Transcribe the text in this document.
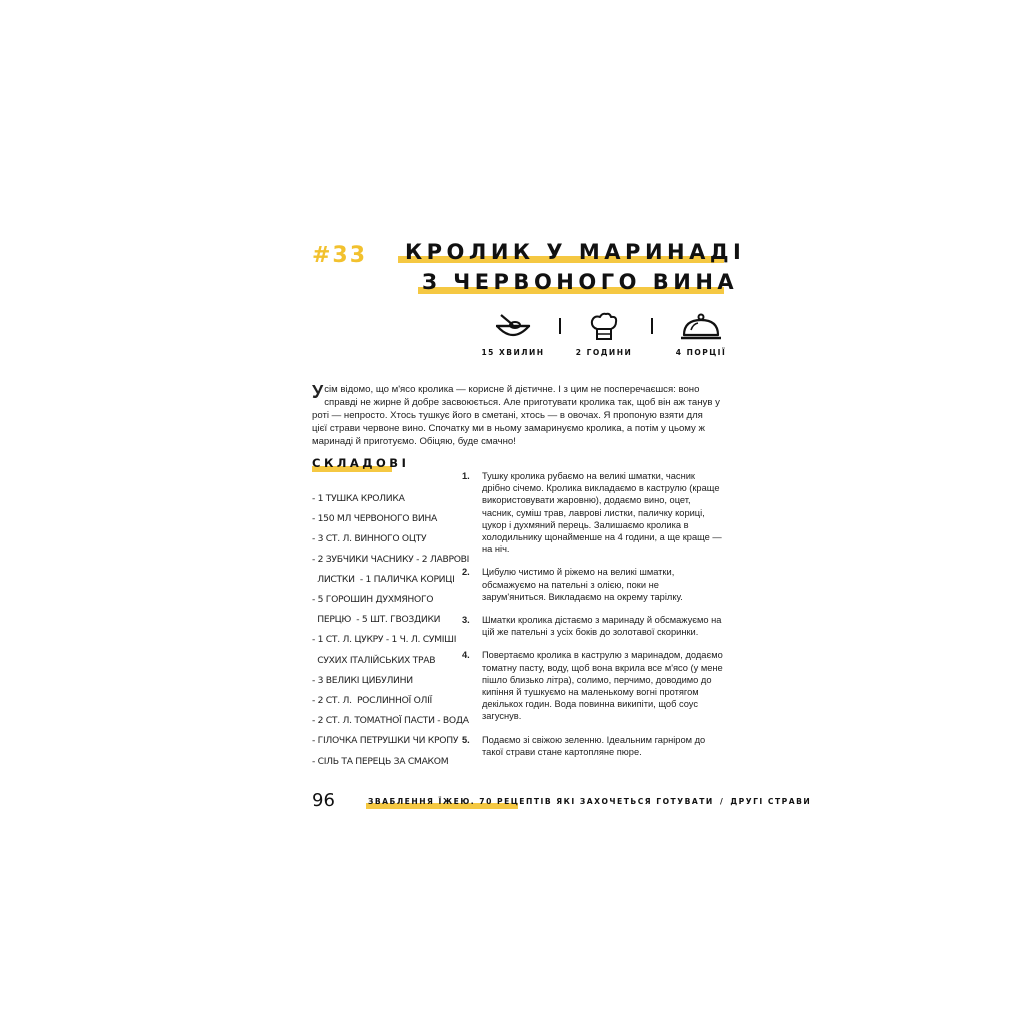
#33 КРОЛИК У МАРИНАДІ
З ЧЕРВОНОГО ВИНА
15 ХВИЛИН	2 ГОДИНИ	4 ПОРЦІЇ
Усім відомо, що м'ясо кролика — корисне й дієтичне. І з цим не посперечаєшся: воно справді не жирне й добре засвоюється. Але приготувати кролика так, щоб він аж танув у роті — непросто. Хтось тушкує його в сметані, хтось — в овочах. Я пропоную взяти для цієї страви червоне вино. Спочатку ми в ньому замаринуємо кролика, а потім у цьому ж маринаді й приготуємо. Обіцяю, буде смачно!
СКЛАДОВІ
- 1 ТУШКА КРОЛИКА
- 150 МЛ ЧЕРВОНОГО ВИНА
- 3 СТ. Л. ВИННОГО ОЦТУ
- 2 ЗУБЧИКИ ЧАСНИКУ - 2 ЛАВРОВІ
ЛИСТКИ  - 1 ПАЛИЧКА КОРИЦІ
- 5 ГОРОШИН ДУХМЯНОГО
ПЕРЦЮ  - 5 ШТ. ГВОЗДИКИ
- 1 СТ. Л. ЦУКРУ - 1 Ч. Л. СУМІШІ
СУХИХ ІТАЛІЙСЬКИХ ТРАВ
- 3 ВЕЛИКІ ЦИБУЛИНИ
- 2 СТ. Л.  РОСЛИННОЇ ОЛІЇ
- 2 СТ. Л. ТОМАТНОЇ ПАСТИ - ВОДА
- ГІЛОЧКА ПЕТРУШКИ ЧИ КРОПУ
- СІЛЬ ТА ПЕРЕЦЬ ЗА СМАКОМ
1. Тушку кролика рубаємо на великі шматки, часник дрібно січемо. Кролика викладаємо в каструлю (краще використовувати жаровню), додаємо вино, оцет, часник, суміш трав, лаврові листки, паличку кориці, цукор і духмяний перець. Залишаємо кролика в холодильнику щонайменше на 4 години, а ще краще — на ніч.
2. Цибулю чистимо й ріжемо на великі шматки, обсмажуємо на пательні з олією, поки не зарум'яниться. Викладаємо на окрему тарілку.
3. Шматки кролика дістаємо з маринаду й обсмажуємо на цій же пательні з усіх боків до золотавої скоринки.
4. Повертаємо кролика в каструлю з маринадом, додаємо томатну пасту, воду, щоб вона вкрила все м'ясо (у мене пішло близько літра), солимо, перчимо, доводимо до кипіння й тушкуємо на маленькому вогні протягом декількох годин. Вода повинна википіти, щоб соус загуснув.
5. Подаємо зі свіжою зеленню. Ідеальним гарніром до такої страви стане картопляне пюре.
96	ЗВАБЛЕННЯ ЇЖЕЮ. 70 РЕЦЕПТІВ ЯКІ ЗАХОЧЕТЬСЯ ГОТУВАТИ / ДРУГІ СТРАВИ
